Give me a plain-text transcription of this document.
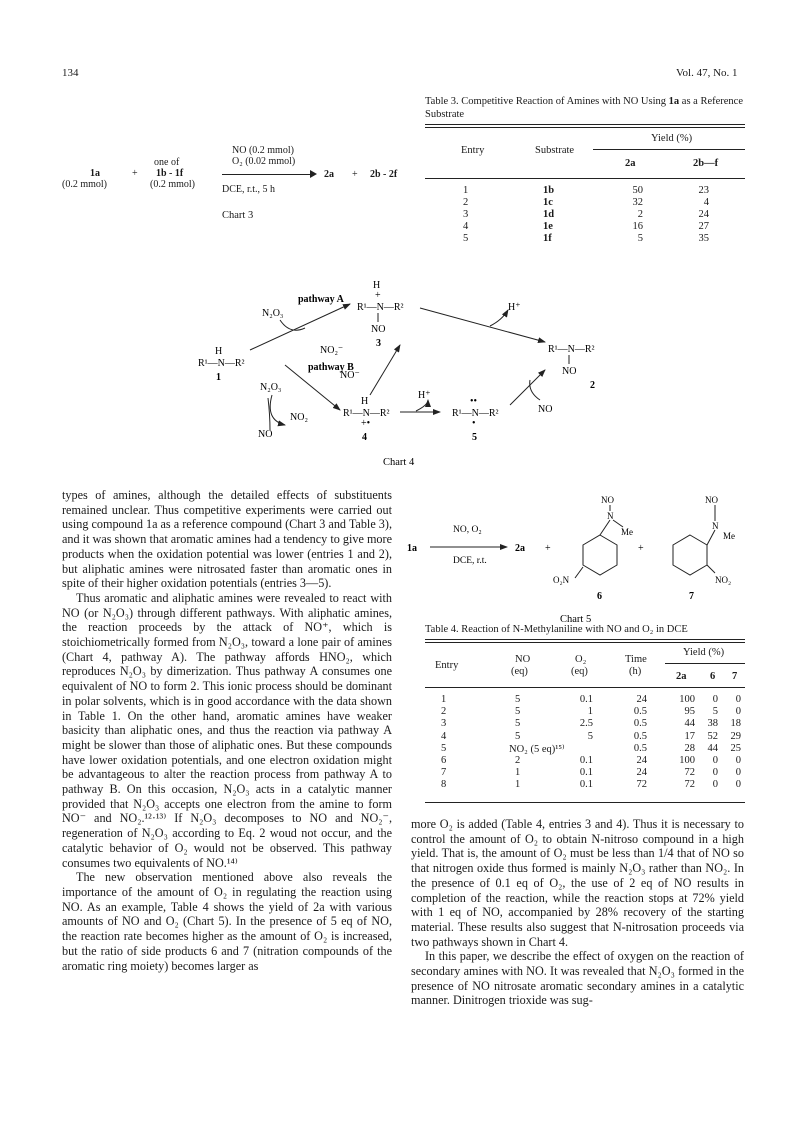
134	Vol. 47, No. 1
1a
(0.2 mmol)
+
one of
1b - 1f
(0.2 mmol)
NO (0.2 mmol)
O₂ (0.02 mmol)
DCE, r.t., 5 h
2a + 2b - 2f
Chart 3
Table 3. Competitive Reaction of Amines with NO Using 1a as a Reference Substrate
Entry	Substrate
Yield (%)
2a	2b—f
1	1b	50	23
2	1c	32	4
3	1d	2	24
4	1e	16	27
5	1f	5	35
H
R¹—N—R²
1
H
+
R¹—N—R²
NO
3
pathway A
N₂O₃
NO₂⁻
pathway B
NO⁻
N₂O₃
NO₂
NO
H
R¹—N—R²
+•
4
H⁺
••
R¹—N—R²
•
5
NO
H⁺
R¹—N—R²
NO
2
Chart 4
1a
NO, O₂
DCE, r.t.
2a +
Me
N
NO
O₂N
6
+
N
Me
NO
NO₂
7
Chart 5
Table 4. Reaction of N-Methylaniline with NO and O₂ in DCE
Entry
NO
(eq)
O₂
(eq)
Time
(h)
Yield (%)
2a 6 7
1	5	0.1	24	100 0 0
2	5	1	0.5	95 5 0
3	5	2.5	0.5	44 38 18
4	5	5	0.5	17 52 29
5	NO₂ (5 eq)¹⁵⁾	0.5	28 44 25
6	2	0.1	24	100 0 0
7	1	0.1	24	72 0 0
8	1	0.1	72	72 0 0

types of amines, although the detailed effects of substituents remained unclear. Thus competitive experiments were carried out using compound 1a as a reference compound (Chart 3 and Table 3), and it was shown that aromatic amines had a tendency to give more products when the oxidation potential was lower (entries 1 and 2), but aliphatic amines were nitrosated faster than aromatic ones in spite of their higher oxidation potentials (entries 3—5).

Thus aromatic and aliphatic amines were revealed to react with NO (or N₂O₃) through different pathways. With aliphatic amines, the reaction proceeds by the attack of NO⁺, which is stoichiometrically formed from N₂O₃, toward a lone pair of amines (Chart 4, pathway A). The pathway affords HNO₂, which reproduces N₂O₃ by dimerization. Thus pathway A consumes one equivalent of NO to form 2. This ionic process should be dominant in polar solvents, which is in good accordance with the data shown in Table 1. On the other hand, aromatic amines have weaker basicity than aliphatic ones, and thus the reaction via pathway A might be slower than those of aliphatic ones. But these compounds have lower oxidation potentials, and one electron oxidation might be advantageous to alter the reaction process from pathway A to pathway B. On this occasion, N₂O₃ acts in a catalytic manner provided that N₂O₃ accepts one electron from the amine to form NO⁻ and NO₂.¹²·¹³⁾ If N₂O₃ decomposes to NO and NO₂⁻, regeneration of N₂O₃ according to Eq. 2 woud not occur, and the catalytic behavior of O₂ would not be observed. This pathway consumes two equivalents of NO.¹⁴⁾

The new observation mentioned above also reveals the importance of the amount of O₂ in regulating the reaction using NO. As an example, Table 4 shows the yield of 2a with various amounts of NO and O₂ (Chart 5). In the presence of 5 eq of NO, the reaction rate becomes higher as the amount of O₂ is increased, but the ratio of side products 6 and 7 (nitration compounds of the aromatic ring moiety) becomes larger as

more O₂ is added (Table 4, entries 3 and 4). Thus it is necessary to control the amount of O₂ to obtain N-nitroso compound in a high yield. That is, the amount of O₂ must be less than 1/4 that of NO so that nitrogen oxide thus formed is mainly N₂O₃ rather than NO₂. In the presence of 0.1 eq of O₂, the use of 2 eq of NO results in completion of the reaction, while the reaction stops at 72% yield with 1 eq of NO, accompanied by 28% recovery of the starting material. These results also suggest that N-nitrosation proceeds via two pathways shown in Chart 4.

In this paper, we describe the effect of oxygen on the reaction of secondary amines with NO. It was revealed that N₂O₃ formed in the presence of NO nitrosate aromatic secondary amines in a catalytic manner. Dinitrogen trioxide was sug-
